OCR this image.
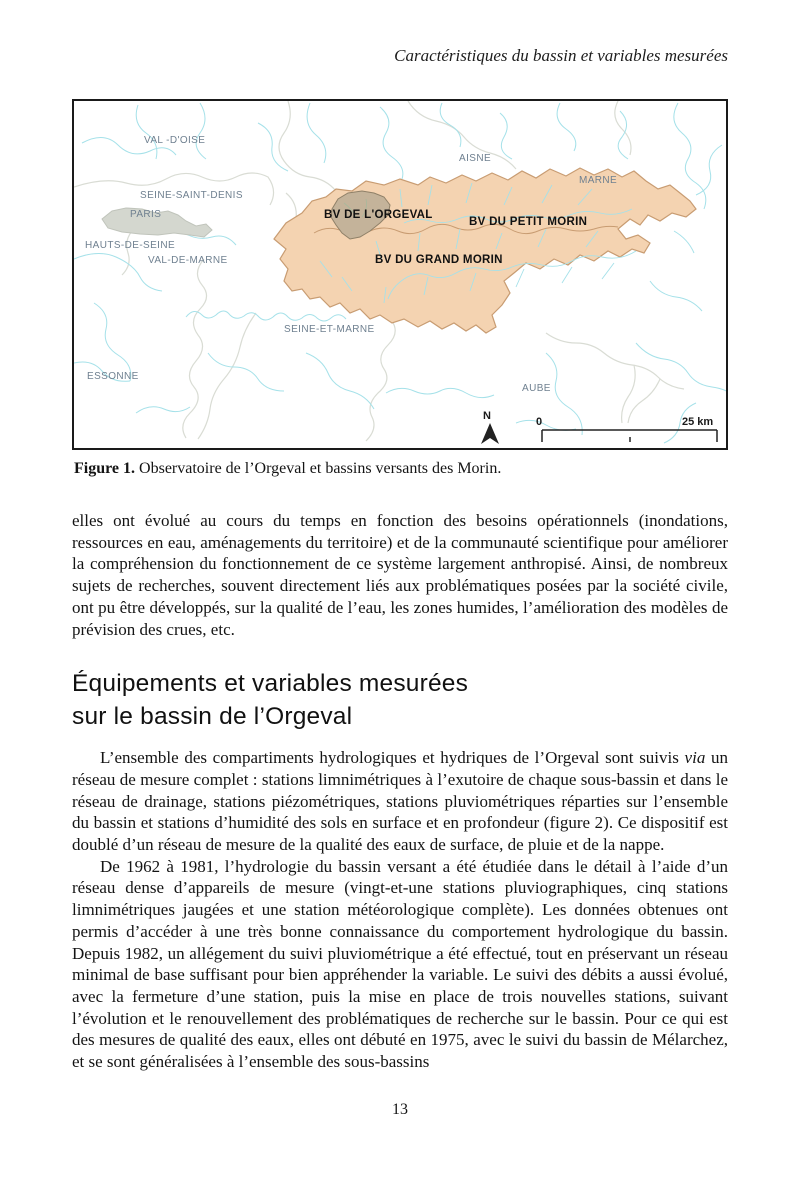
Caractéristiques du bassin et variables mesurées
VAL -D'OISE
AISNE
MARNE
SEINE-SAINT-DENIS
PARIS
HAUTS-DE-SEINE
VAL-DE-MARNE
SEINE-ET-MARNE
ESSONNE
AUBE
BV DE L'ORGEVAL
BV DU PETIT MORIN
BV DU GRAND MORIN
N	0	25 km

Figure 1. Observatoire de l’Orgeval et bassins versants des Morin.

elles ont évolué au cours du temps en fonction des besoins opérationnels (inondations, ressources en eau, aménagements du territoire) et de la communauté scientifique pour améliorer la compréhension du fonctionnement de ce système largement anthropisé. Ainsi, de nombreux sujets de recherches, souvent directement liés aux problématiques posées par la société civile, ont pu être développés, sur la qualité de l’eau, les zones humides, l’amélioration des modèles de prévision des crues, etc.

Équipements et variables mesurées
sur le bassin de l’Orgeval

L’ensemble des compartiments hydrologiques et hydriques de l’Orgeval sont suivis via un réseau de mesure complet : stations limnimétriques à l’exutoire de chaque sous-bassin et dans le réseau de drainage, stations piézométriques, stations pluviométriques réparties sur l’ensemble du bassin et stations d’humidité des sols en surface et en profondeur (figure 2). Ce dispositif est doublé d’un réseau de mesure de la qualité des eaux de surface, de pluie et de la nappe.

De 1962 à 1981, l’hydrologie du bassin versant a été étudiée dans le détail à l’aide d’un réseau dense d’appareils de mesure (vingt-et-une stations pluviographiques, cinq stations limnimétriques jaugées et une station météorologique complète). Les données obtenues ont permis d’accéder à une très bonne connaissance du comportement hydrologique du bassin. Depuis 1982, un allégement du suivi pluviométrique a été effectué, tout en préservant un réseau minimal de base suffisant pour bien appréhender la variable. Le suivi des débits a aussi évolué, avec la fermeture d’une station, puis la mise en place de trois nouvelles stations, suivant l’évolution et le renouvellement des problématiques de recherche sur le bassin. Pour ce qui est des mesures de qualité des eaux, elles ont débuté en 1975, avec le suivi du bassin de Mélarchez, et se sont généralisées à l’ensemble des sous-bassins

13
